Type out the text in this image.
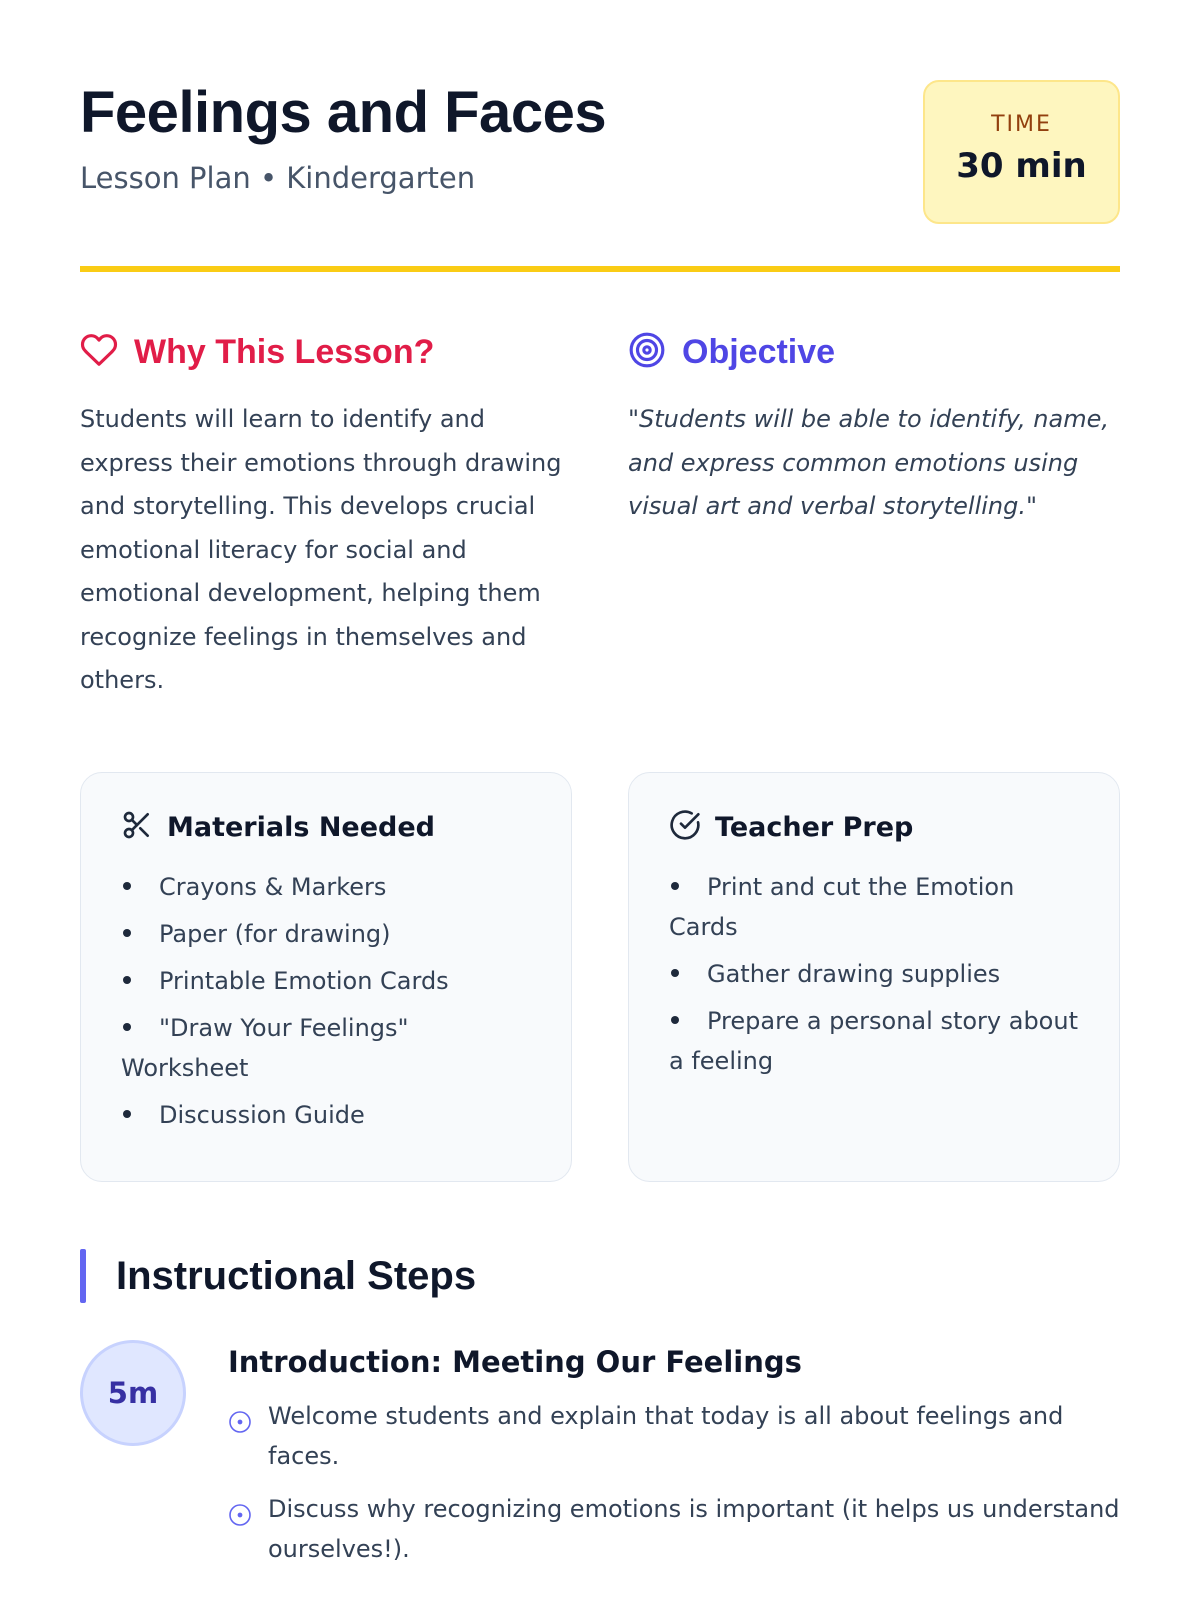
Feelings and Faces
Lesson Plan • Kindergarten
TIME
30 min
Why This Lesson?

Students will learn to identify and express their emotions through drawing and storytelling. This develops crucial emotional literacy for social and emotional development, helping them recognize feelings in themselves and others.

Objective

"Students will be able to identify, name, and express common emotions using visual art and verbal storytelling."

Materials Needed
Crayons & Markers
Paper (for drawing)
Printable Emotion Cards
"Draw Your Feelings" Worksheet
Discussion Guide
Teacher Prep
Print and cut the Emotion Cards
Gather drawing supplies
Prepare a personal story about a feeling
Instructional Steps
5m
Introduction: Meeting Our Feelings
Welcome students and explain that today is all about feelings and faces.
Discuss why recognizing emotions is important (it helps us understand ourselves!).
